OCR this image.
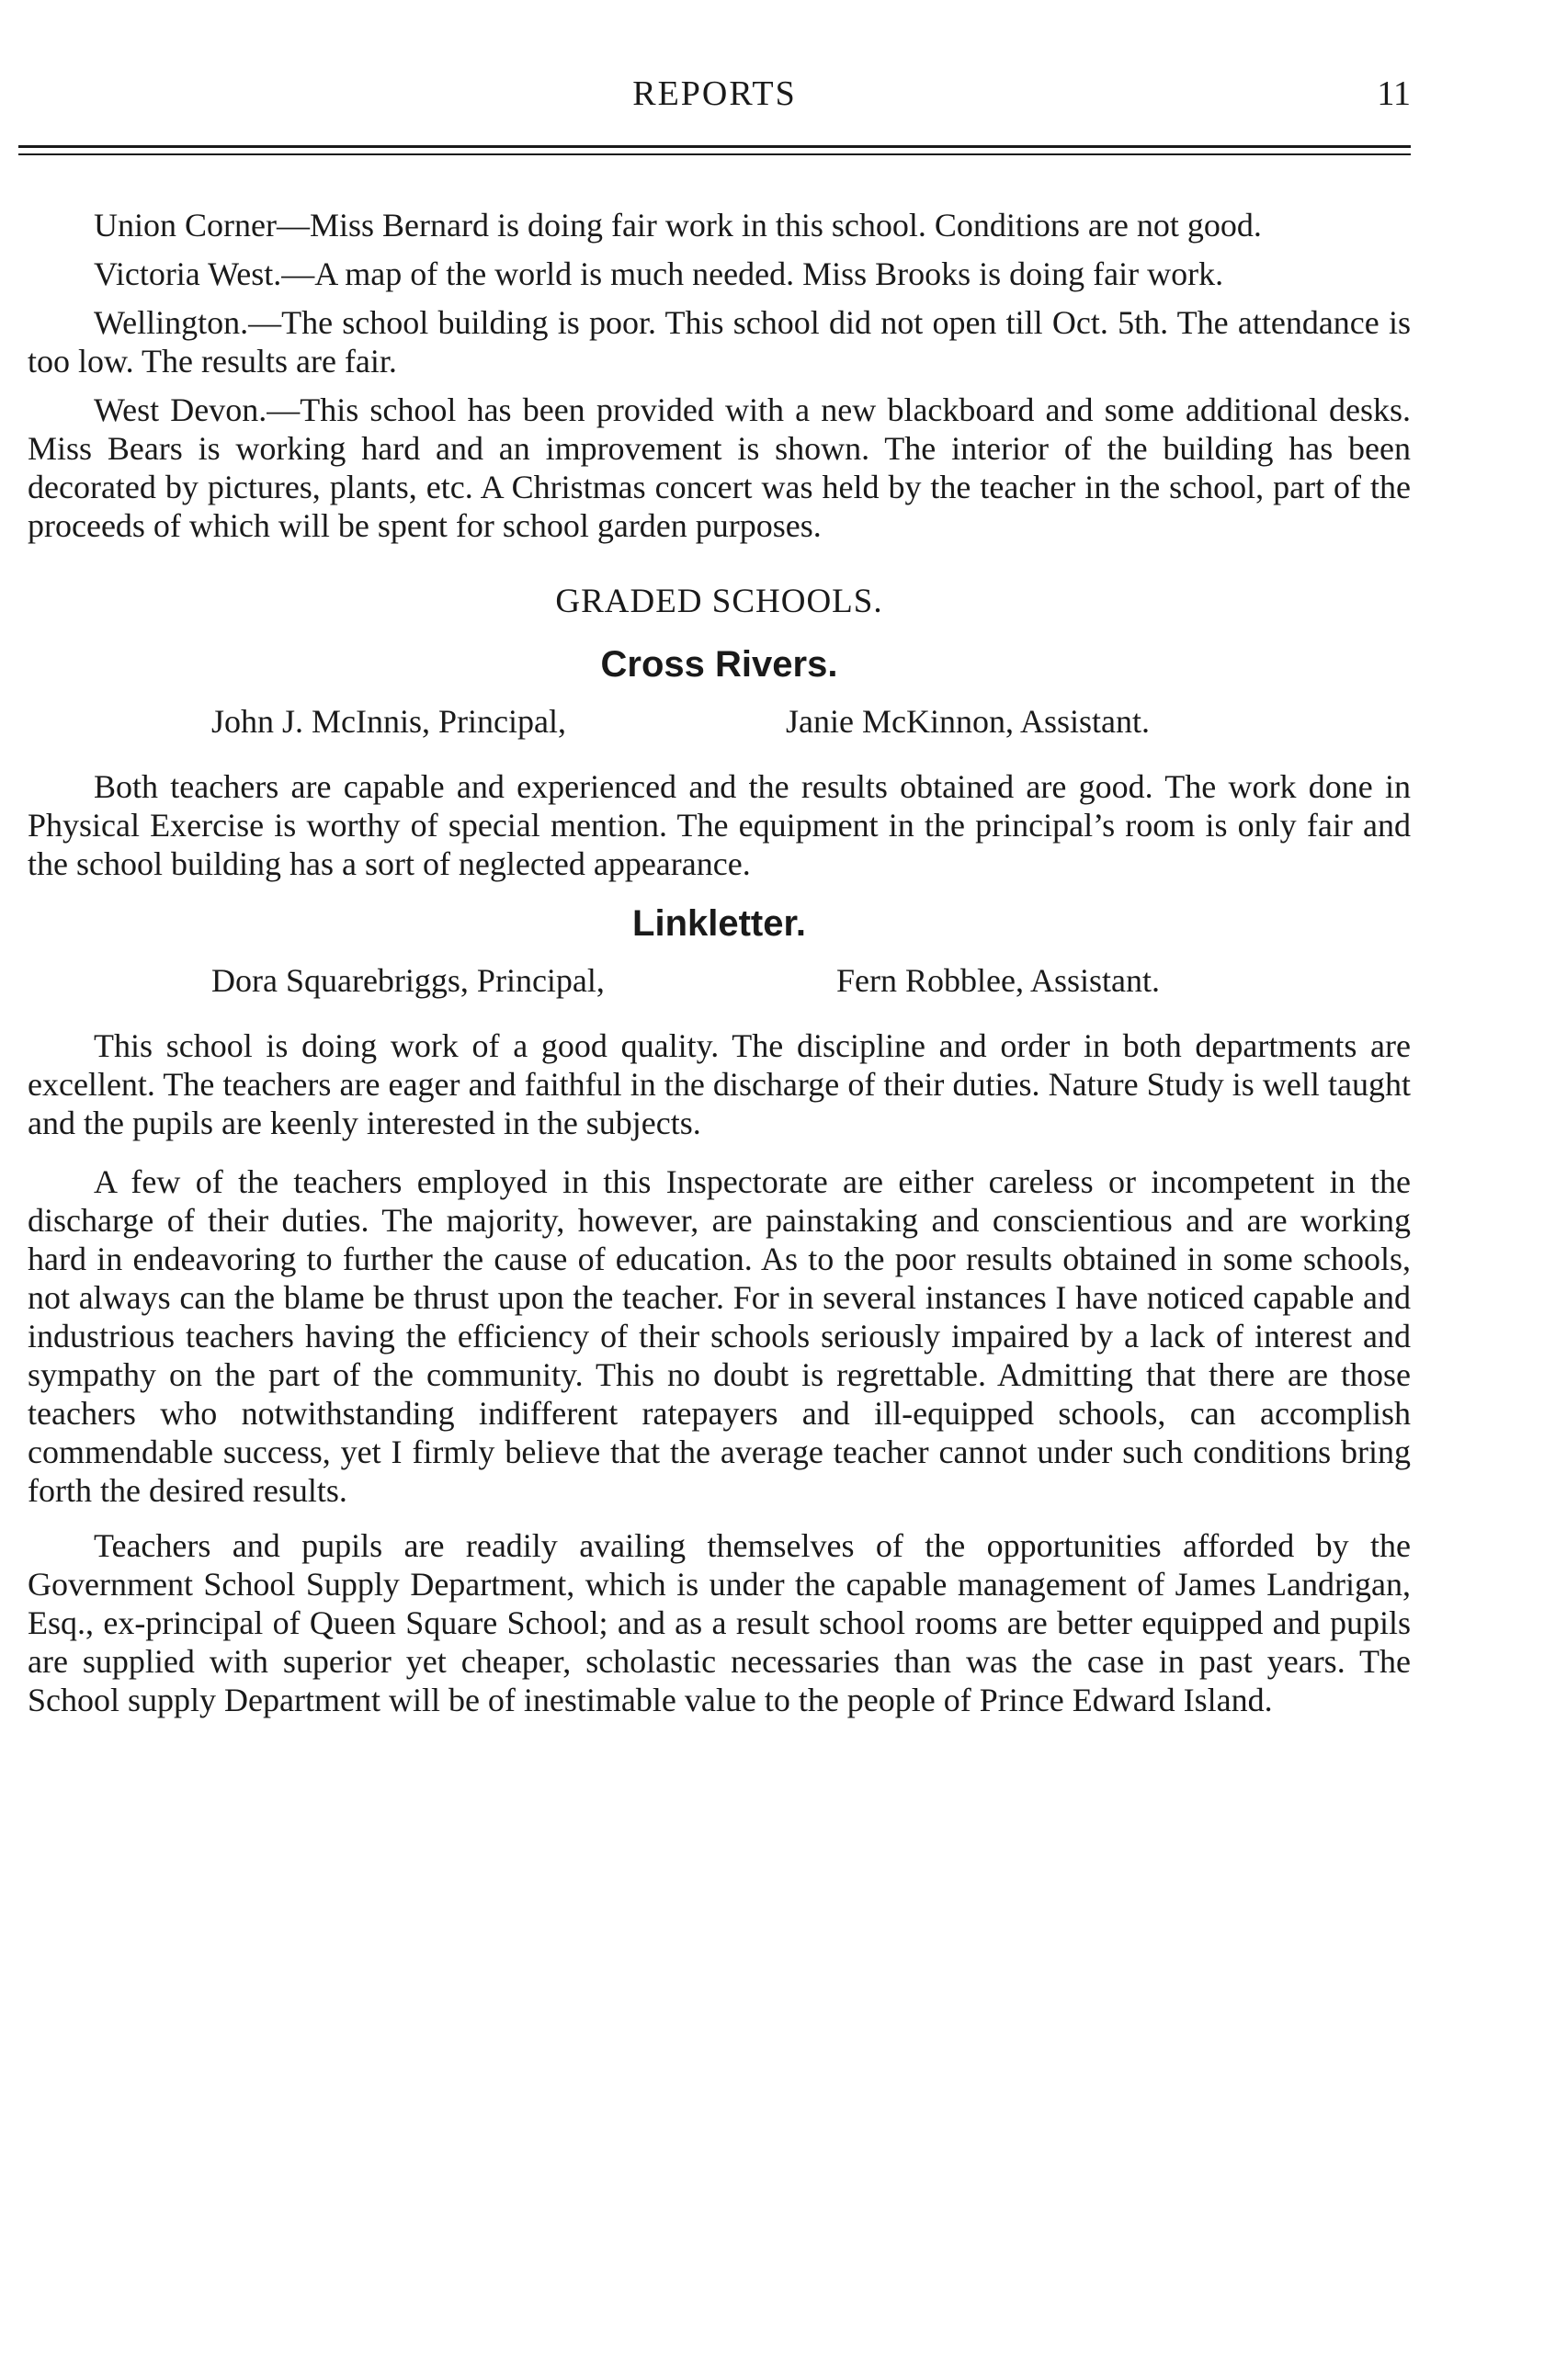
REPORTS	11

Union Corner—Miss Bernard is doing fair work in this school. Conditions are not good.

Victoria West.—A map of the world is much needed. Miss Brooks is doing fair work.

Wellington.—The school building is poor. This school did not open till Oct. 5th. The attendance is too low. The results are fair.

West Devon.—This school has been provided with a new blackboard and some additional desks. Miss Bears is working hard and an improvement is shown. The interior of the building has been decorated by pictures, plants, etc. A Christmas concert was held by the teacher in the school, part of the proceeds of which will be spent for school garden purposes.

GRADED SCHOOLS.
Cross Rivers.
John J. McInnis, Principal,	Janie McKinnon, Assistant.

Both teachers are capable and experienced and the results obtained are good. The work done in Physical Exercise is worthy of special mention. The equipment in the principal’s room is only fair and the school building has a sort of neglected appearance.

Linkletter.
Dora Squarebriggs, Principal,	Fern Robblee, Assistant.

This school is doing work of a good quality. The discipline and order in both departments are excellent. The teachers are eager and faithful in the discharge of their duties. Nature Study is well taught and the pupils are keenly interested in the subjects.

A few of the teachers employed in this Inspectorate are either careless or incompetent in the discharge of their duties. The majority, however, are painstaking and conscientious and are working hard in endeavoring to further the cause of education. As to the poor results obtained in some schools, not always can the blame be thrust upon the teacher. For in several instances I have noticed capable and industrious teachers having the efficiency of their schools seriously impaired by a lack of interest and sympathy on the part of the community. This no doubt is regrettable. Admitting that there are those teachers who notwithstanding indifferent ratepayers and ill-equipped schools, can accomplish commendable success, yet I firmly believe that the average teacher cannot under such conditions bring forth the desired results.

Teachers and pupils are readily availing themselves of the opportunities afforded by the Government School Supply Department, which is under the capable management of James Landrigan, Esq., ex-principal of Queen Square School; and as a result school rooms are better equipped and pupils are supplied with superior yet cheaper, scholastic necessaries than was the case in past years. The School supply Department will be of inestimable value to the people of Prince Edward Island.
